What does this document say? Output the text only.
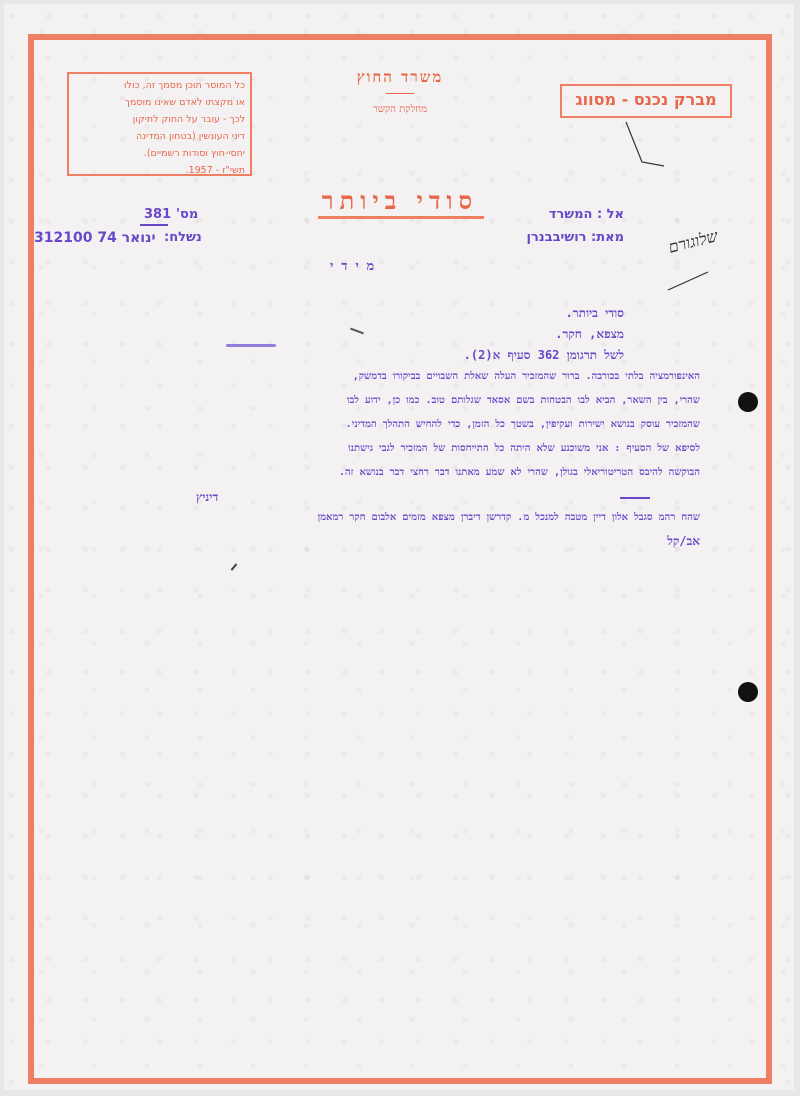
כל המוסר תוכן מסמך זה, כולו
או מקצתו לאדם שאינו מוסמך
לכך - עובר על החוק לתיקון
דיני העונשין (בטחון המדינה
יחסי-חוץ וסודות רשמיים).
תשי"ז - 1957.
משרד החוץ
מחלקת הקשר
מברק נכנס - מסווג
סודי ביותר	אל : המשרד
מאת: רושיבבנרן
381 מס'
312100 ינואר 74 נשלח:	שלוגורם
מ י ד י
סודי ביותר.
מצפא, חקר.
לשל תרגומן 362 סעיף א(2).
האינפורמציה בלתי בכורבה. ברור שהמזכיר העלה שאלת השבויים בביקורו בדמשק,
שהרי, בין השאר, הביא לבו הבטחות בשם אסאד שגלותם טוב. כמו כן, ידוע לבו
שהמזכיר עוסק בנושא ישירות ועקיפין, בשטך כל הזמן, כדי להחיש התהלך המדיני.
לסיפא של הסעיף : אני משוכנע שלא היתה כל התייחסות של המזכיר לגבי גישתנו
הבוקשה להיבס הטריטוריאלי בגולן, שהרי לא שמע מאתנו דבר רחצי דבר בנושא זה.
דיניץ
שהח רהמ סגבל אלון דיין מטבה למנכל מ. קדרשן דיברן מצפא מזמים אלבום חקר רמאמן
אב/קל
